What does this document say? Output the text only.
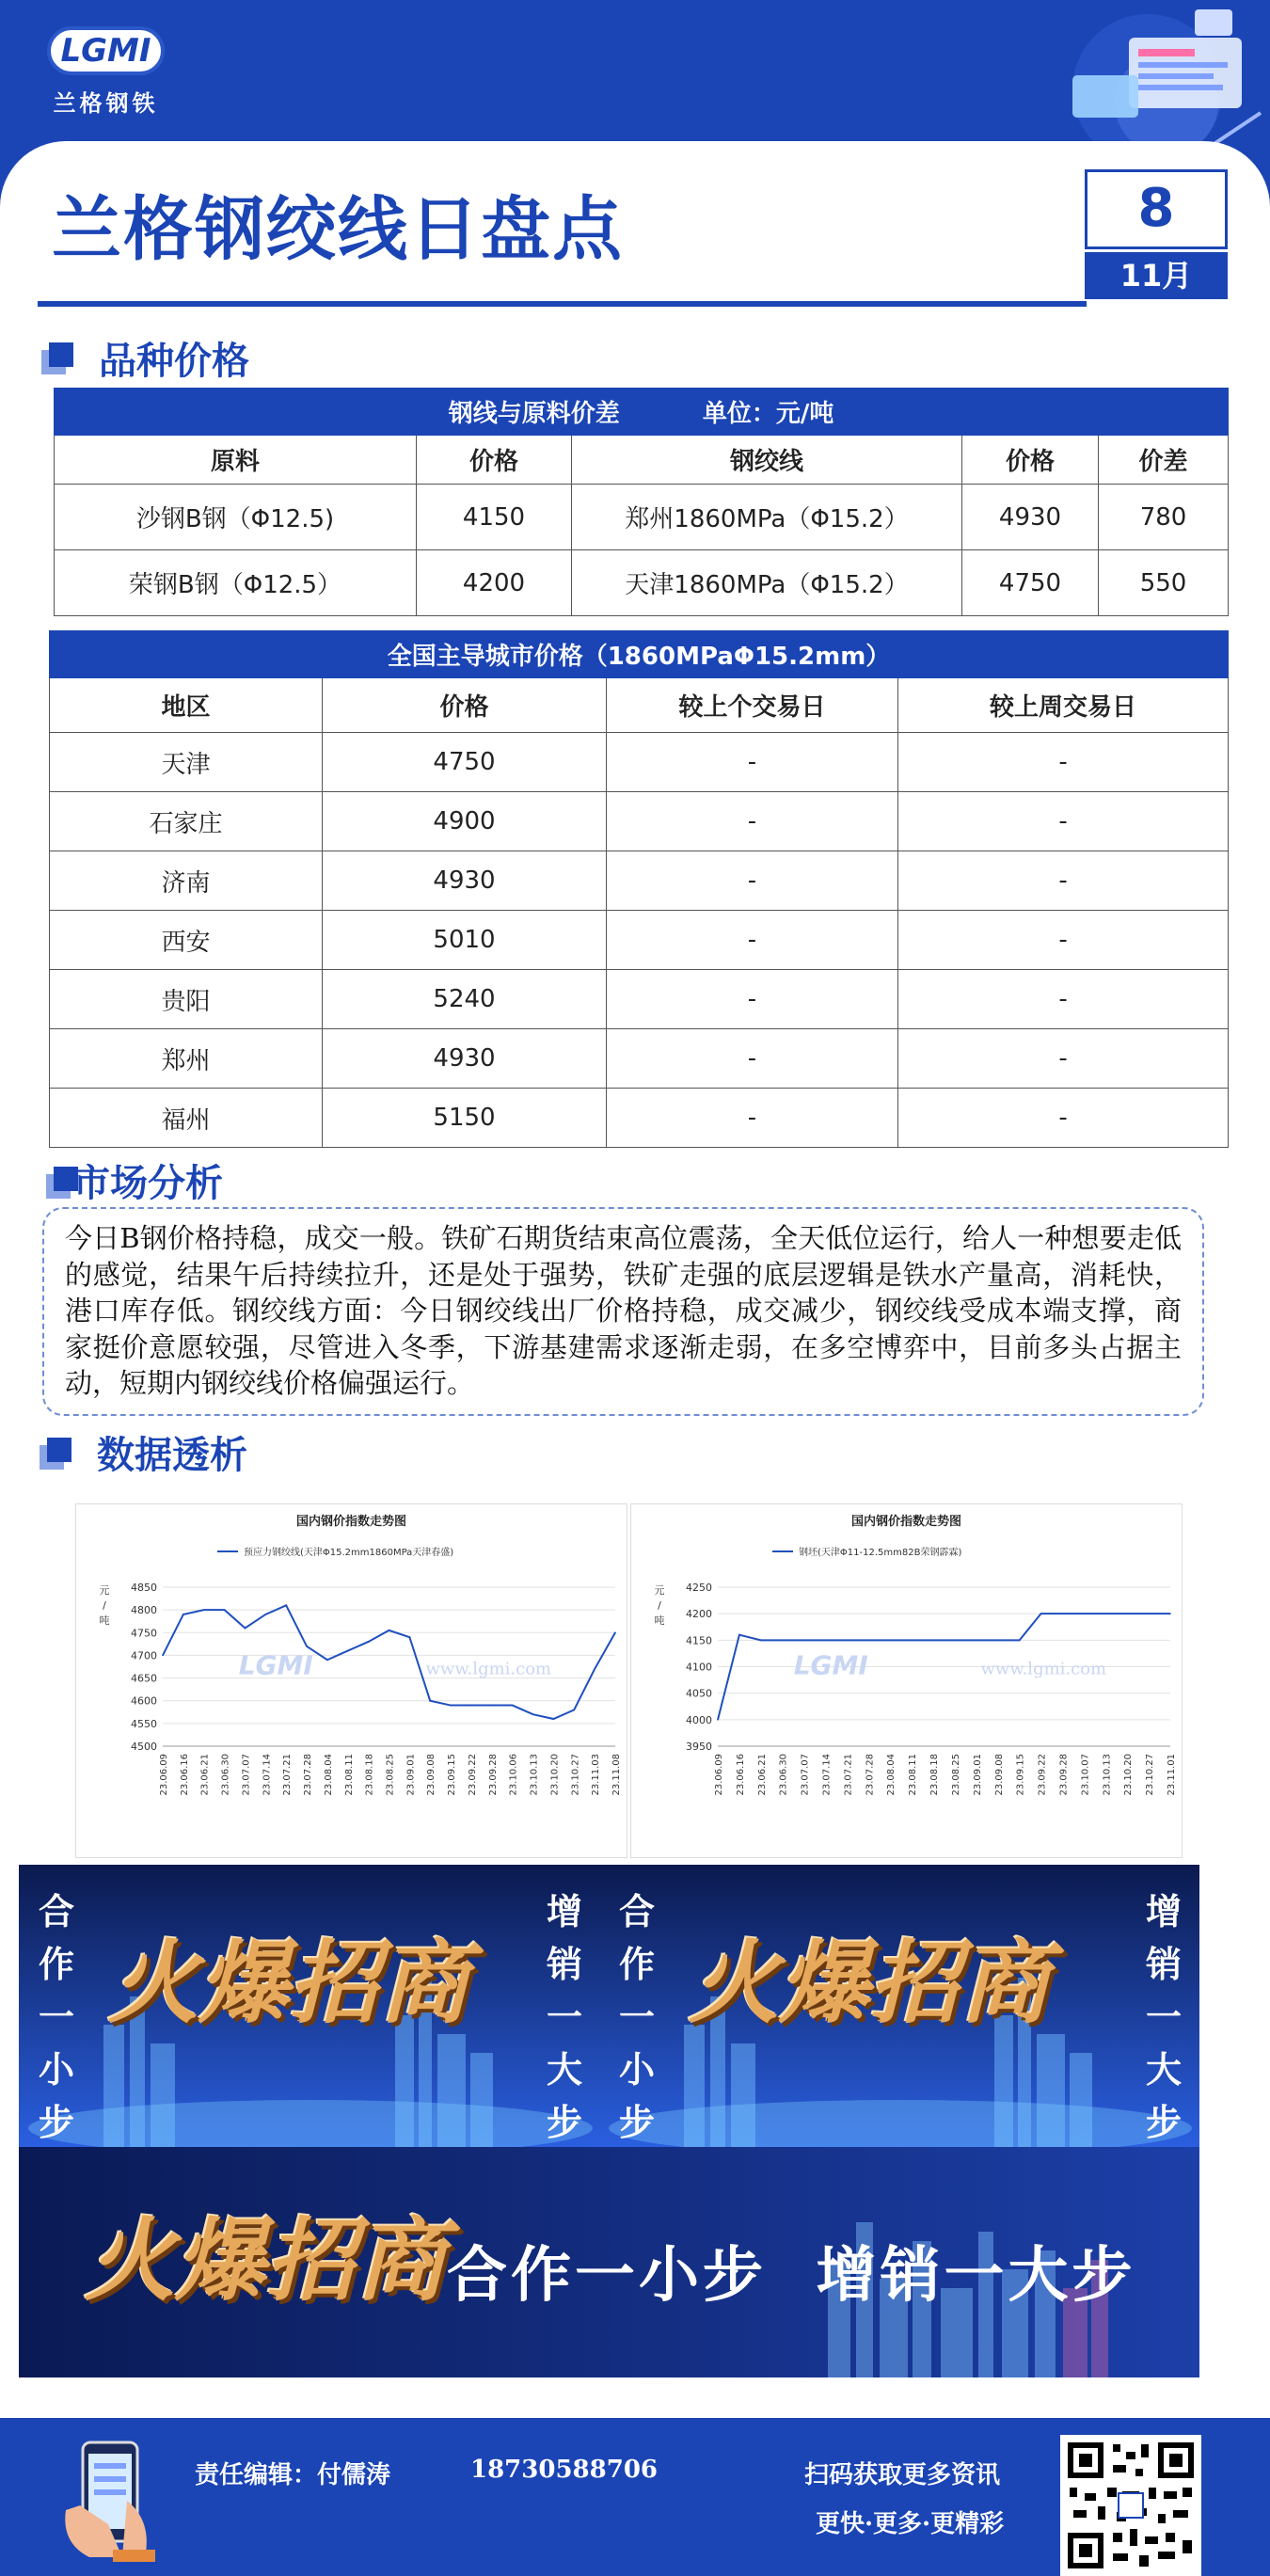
LGMI
兰格钢铁
兰格钢绞线日盘点	8
11月
品种价格
钢线与原料价差 单位：元/吨				
原料	价格	钢绞线	价格	价差
沙钢B钢（Φ12.5)	4150	郑州1860MPa（Φ15.2）	4930	780
荣钢B钢（Φ12.5）	4200	天津1860MPa（Φ15.2）	4750	550
全国主导城市价格（1860MPaΦ15.2mm）			
地区	价格	较上个交易日	较上周交易日
天津	4750	-	-
石家庄	4900	-	-
济南	4930	-	-
西安	5010	-	-
贵阳	5240	-	-
郑州	4930	-	-
福州	5150	-	-
市场分析
今日B钢价格持稳，成交一般。铁矿石期货结束高位震荡，全天低位运行，给人一种想要走低的感觉，结果午后持续拉升，还是处于强势，铁矿走强的底层逻辑是铁水产量高，消耗快，港口库存低。钢绞线方面：今日钢绞线出厂价格持稳，成交减少，钢绞线受成本端支撑，商家挺价意愿较强，尽管进入冬季，下游基建需求逐渐走弱，在多空博弈中，目前多头占据主动，短期内钢绞线价格偏强运行。
数据透析
国内钢价指数走势图
预应力钢绞线(天津Φ15.2mm1860MPa天津春盛)
元
/
吨
4500
4550
4600
4650
4700
4750
4800
4850
23.06.09 23.06.16 23.06.21 23.06.30 23.07.07 23.07.14 23.07.21 23.07.28 23.08.04 23.08.11 23.08.18 23.08.25 23.09.01 23.09.08 23.09.15 23.09.22 23.09.28 23.10.06 23.10.13 23.10.20 23.10.27 23.11.03 23.11.08
LGMI	www.lgmi.com
国内钢价指数走势图
钢坯(天津Φ11-12.5mm82B荣钢霹霖)
元
/
吨
3950
4000
4050
4100
4150
4200
4250
23.06.09 23.06.16 23.06.21 23.06.30 23.07.07 23.07.14 23.07.21 23.07.28 23.08.04 23.08.11 23.08.18 23.08.25 23.09.01 23.09.08 23.09.15 23.09.22 23.09.28 23.10.07 23.10.13 23.10.20 23.10.27 23.11.01
LGMI	www.lgmi.com
合
作
一
小
步
增
销
一
大
步
火爆招商
合
作
一
小
步
增
销
一
大
步
火爆招商
火爆招商 合作一小步  增销一大步
责任编辑：付儒涛	18730588706	扫码获取更多资讯
更快·更多·更精彩
